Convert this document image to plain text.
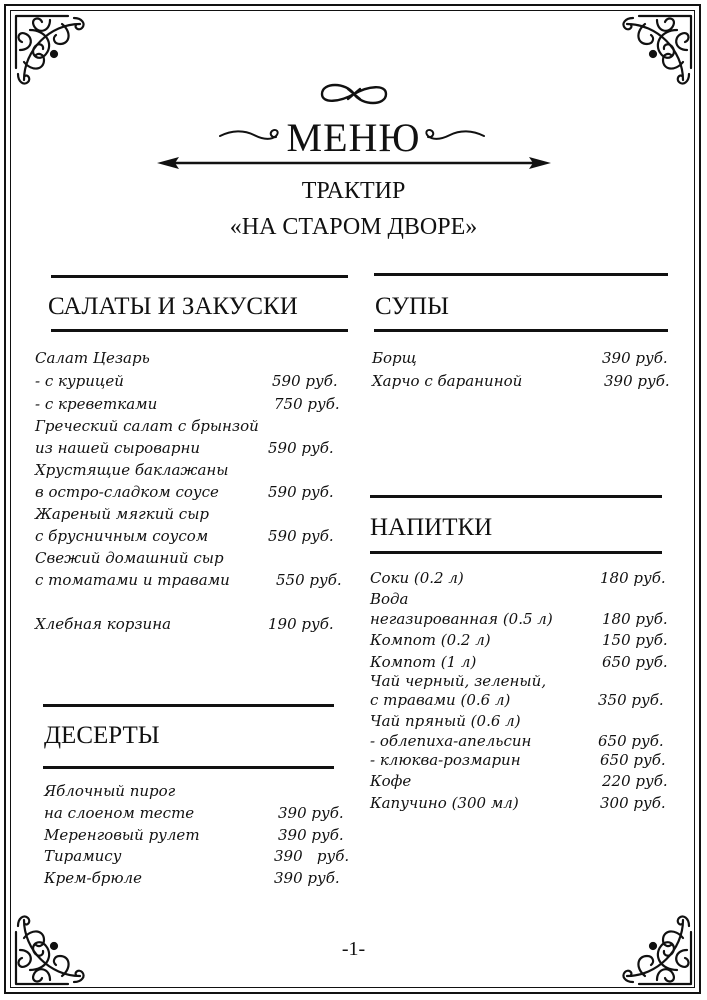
МЕНЮ
ТРАКТИР
«НА СТАРОМ ДВОРЕ»
САЛАТЫ И ЗАКУСКИ	СУПЫ
НАПИТКИ
ДЕСЕРТЫ
Салат Цезарь
- с курицей	590 руб.
- с креветками	750 руб.
Греческий салат с брынзой
из нашей сыроварни	590 руб.
Хрустящие баклажаны
в остро-сладком соусе	590 руб.
Жареный мягкий сыр
с брусничным соусом	590 руб.
Свежий домашний сыр
с томатами и травами	550 руб.
Хлебная корзина	190 руб.
Борщ	390 руб.
Харчо с бараниной	390 руб.
Соки (0.2 л)	180 руб.
Вода
негазированная (0.5 л)	180 руб.
Компот (0.2 л)	150 руб.
Компот (1 л)	650 руб.
Чай черный, зеленый,
с травами (0.6 л)	350 руб.
Чай пряный (0.6 л)
- облепиха-апельсин	650 руб.
- клюква-розмарин	650 руб.
Кофе	220 руб.
Капучино (300 мл)	300 руб.
Яблочный пирог
на слоеном тесте	390 руб.
Меренговый рулет	390 руб.
Тирамису	390   руб.
Крем-брюле	390 руб.
-1-
